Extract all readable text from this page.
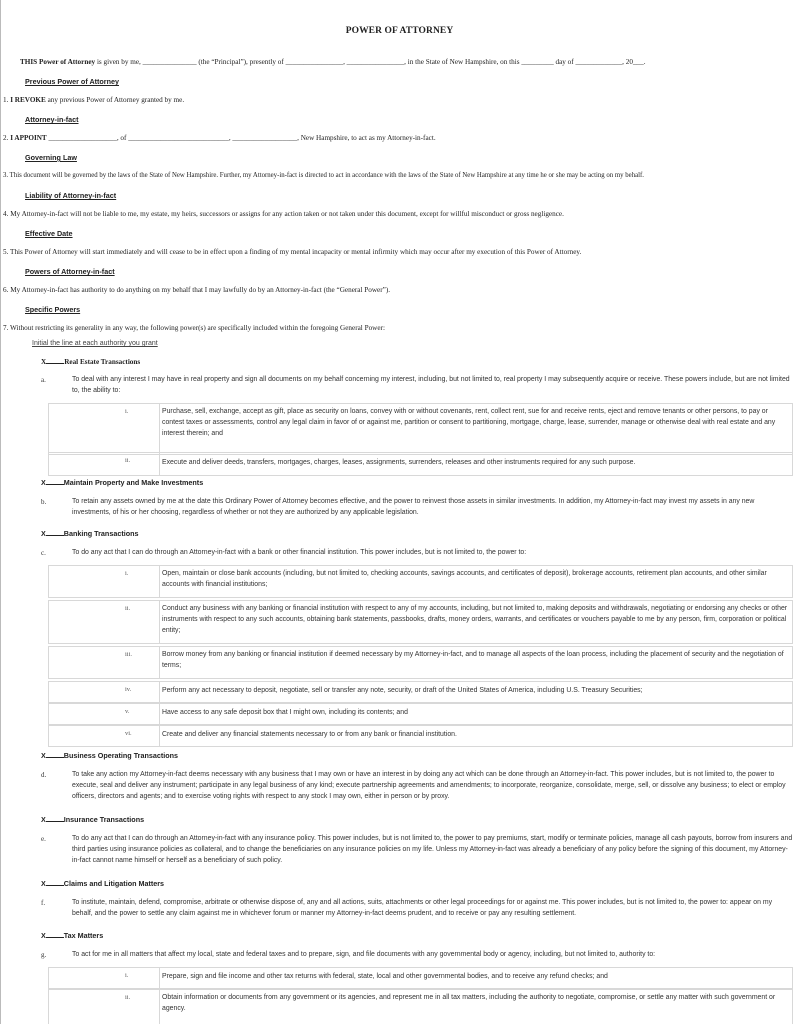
POWER OF ATTORNEY
THIS Power of Attorney is given by me, _______________ (the “Principal”), presently of ________________, ________________, in the State of New Hampshire, on this _________ day of _____________, 20___.
Previous Power of Attorney
1. I REVOKE any previous Power of Attorney granted by me.
Attorney-in-fact
2. I APPOINT ___________________, of ____________________________, __________________, New Hampshire, to act as my Attorney-in-fact.
Governing Law
3. This document will be governed by the laws of the State of New Hampshire. Further, my Attorney-in-fact is directed to act in accordance with the laws of the State of New Hampshire at any time he or she may be acting on my behalf.
Liability of Attorney-in-fact
4. My Attorney-in-fact will not be liable to me, my estate, my heirs, successors or assigns for any action taken or not taken under this document, except for willful misconduct or gross negligence.
Effective Date
5. This Power of Attorney will start immediately and will cease to be in effect upon a finding of my mental incapacity or mental infirmity which may occur after my execution of this Power of Attorney.
Powers of Attorney-in-fact
6. My Attorney-in-fact has authority to do anything on my behalf that I may lawfully do by an Attorney-in-fact (the “General Power”).
Specific Powers
7. Without restricting its generality in any way, the following power(s) are specifically included within the foregoing General Power:
Initial the line at each authority you grant
X	Real Estate Transactions
a.	To deal with any interest I may have in real property and sign all documents on my behalf concerning my interest, including, but not limited to, real property I may subsequently acquire or receive. These powers include, but are not limited to, the ability to:
i.	Purchase, sell, exchange, accept as gift, place as security on loans, convey with or without covenants, rent, collect rent, sue for and receive rents, eject and remove tenants or other persons, to pay or contest taxes or assessments, control any legal claim in favor of or against me, partition or consent to partitioning, mortgage, charge, lease, surrender, manage or otherwise deal with real estate and any interest therein; and
ii.	Execute and deliver deeds, transfers, mortgages, charges, leases, assignments, surrenders, releases and other instruments required for any such purpose.
X	Maintain Property and Make Investments
b.	To retain any assets owned by me at the date this Ordinary Power of Attorney becomes effective, and the power to reinvest those assets in similar investments. In addition, my Attorney-in-fact may invest my assets in any new investments, of his or her choosing, regardless of whether or not they are authorized by any applicable legislation.
X	Banking Transactions
c.	To do any act that I can do through an Attorney-in-fact with a bank or other financial institution. This power includes, but is not limited to, the power to:
i.	Open, maintain or close bank accounts (including, but not limited to, checking accounts, savings accounts, and certificates of deposit), brokerage accounts, retirement plan accounts, and other similar accounts with financial institutions;
ii.	Conduct any business with any banking or financial institution with respect to any of my accounts, including, but not limited to, making deposits and withdrawals, negotiating or endorsing any checks or other instruments with respect to any such accounts, obtaining bank statements, passbooks, drafts, money orders, warrants, and certificates or vouchers payable to me by any person, firm, corporation or political entity;
iii.	Borrow money from any banking or financial institution if deemed necessary by my Attorney-in-fact, and to manage all aspects of the loan process, including the placement of security and the negotiation of terms;
iv.	Perform any act necessary to deposit, negotiate, sell or transfer any note, security, or draft of the United States of America, including U.S. Treasury Securities;
v.	Have access to any safe deposit box that I might own, including its contents; and
vi.	Create and deliver any financial statements necessary to or from any bank or financial institution.
X	Business Operating Transactions
d.	To take any action my Attorney-in-fact deems necessary with any business that I may own or have an interest in by doing any act which can be done through an Attorney-in-fact. This power includes, but is not limited to, the power to execute, seal and deliver any instrument; participate in any legal business of any kind; execute partnership agreements and amendments; to incorporate, reorganize, consolidate, merge, sell, or dissolve any business; to elect or employ officers, directors and agents; and to exercise voting rights with respect to any stock I may own, either in person or by proxy.
X	Insurance Transactions
e.	To do any act that I can do through an Attorney-in-fact with any insurance policy. This power includes, but is not limited to, the power to pay premiums, start, modify or terminate policies, manage all cash payouts, borrow from insurers and third parties using insurance policies as collateral, and to change the beneficiaries on any insurance policies on my life. Unless my Attorney-in-fact was already a beneficiary of any policy before the signing of this document, my Attorney-in-fact cannot name himself or herself as a beneficiary of such policy.
X	Claims and Litigation Matters
f.	To institute, maintain, defend, compromise, arbitrate or otherwise dispose of, any and all actions, suits, attachments or other legal proceedings for or against me. This power includes, but is not limited to, the power to: appear on my behalf, and the power to settle any claim against me in whichever forum or manner my Attorney-in-fact deems prudent, and to receive or pay any resulting settlement.
X	Tax Matters
g.	To act for me in all matters that affect my local, state and federal taxes and to prepare, sign, and file documents with any governmental body or agency, including, but not limited to, authority to:
i.	Prepare, sign and file income and other tax returns with federal, state, local and other governmental bodies, and to receive any refund checks; and
ii.	Obtain information or documents from any government or its agencies, and represent me in all tax matters, including the authority to negotiate, compromise, or settle any matter with such government or agency.
